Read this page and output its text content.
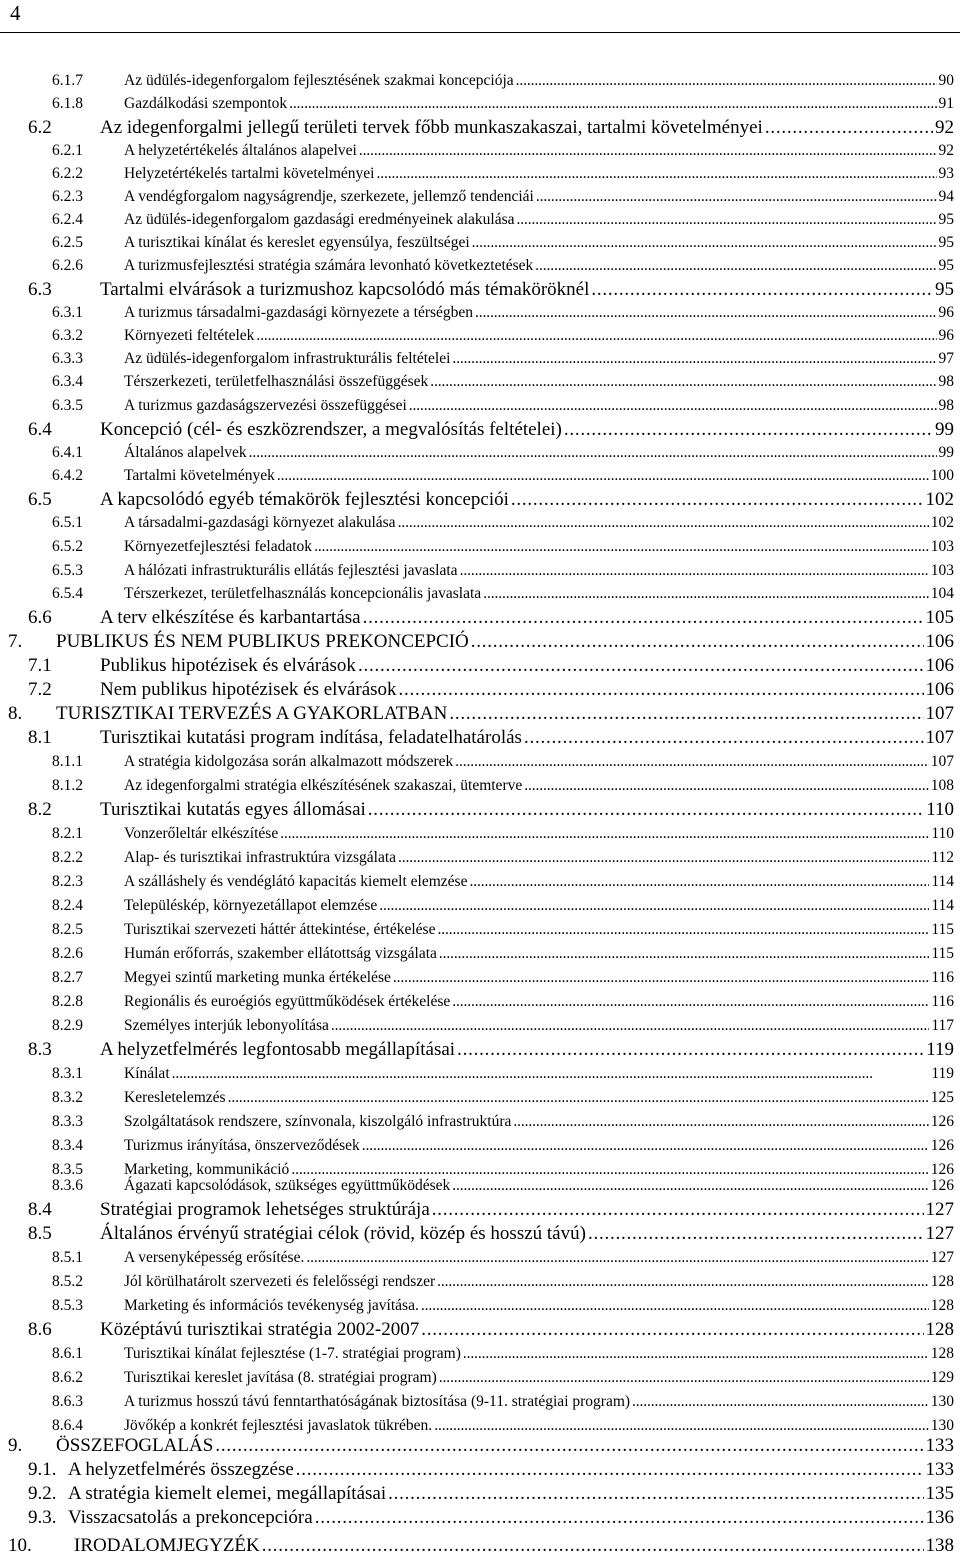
4
6.1.7	Az üdülés-idegenforgalom fejlesztésének szakmai koncepciója . . .	90
6.1.8	Gazdálkodási szempontok . . .	91
6.2	Az idegenforgalmi jellegű területi tervek főbb munkaszakaszai, tartalmi követelményei . . .	92
6.2.1	A helyzetértékelés általános alapelvei . . .	92
6.2.2	Helyzetértékelés tartalmi követelményei . . .	93
6.2.3	A vendégforgalom nagyságrendje, szerkezete, jellemző tendenciái . . .	94
6.2.4	Az üdülés-idegenforgalom gazdasági eredményeinek alakulása . . .	95
6.2.5	A turisztikai kínálat és kereslet egyensúlya, feszültségei . . .	95
6.2.6	A turizmusfejlesztési stratégia számára levonható következtetések . . .	95
6.3	Tartalmi elvárások a turizmushoz kapcsolódó más témaköröknél . . .	95
6.3.1	A turizmus társadalmi-gazdasági környezete a térségben . . .	96
6.3.2	Környezeti feltételek . . .	96
6.3.3	Az üdülés-idegenforgalom infrastrukturális feltételei . . .	97
6.3.4	Térszerkezeti, területfelhasználási összefüggések . . .	98
6.3.5	A turizmus gazdaságszervezési összefüggései . . .	98
6.4	Koncepció (cél- és eszközrendszer, a megvalósítás feltételei) . . .	99
6.4.1	Általános alapelvek . . .	99
6.4.2	Tartalmi követelmények . . .	100
6.5	A kapcsolódó egyéb témakörök fejlesztési koncepciói . . .	102
6.5.1	A társadalmi-gazdasági környezet alakulása . . .	102
6.5.2	Környezetfejlesztési feladatok . . .	103
6.5.3	A hálózati infrastrukturális ellátás fejlesztési javaslata . . .	103
6.5.4	Térszerkezet, területfelhasználás koncepcionális javaslata . . .	104
6.6	A terv elkészítése és karbantartása . . .	105
7.	PUBLIKUS ÉS NEM PUBLIKUS PREKONCEPCIÓ . . .	106
7.1	Publikus hipotézisek és elvárások . . .	106
7.2	Nem publikus hipotézisek és elvárások . . .	106
8.	TURISZTIKAI TERVEZÉS A GYAKORLATBAN . . .	107
8.1	Turisztikai kutatási program indítása, feladatelhatárolás . . .	107
8.1.1	A stratégia kidolgozása során alkalmazott módszerek . . .	107
8.1.2	Az idegenforgalmi stratégia elkészítésének szakaszai, ütemterve . . .	108
8.2	Turisztikai kutatás egyes állomásai . . .	110
8.2.1	Vonzerőleltár elkészítése . . .	110
8.2.2	Alap- és turisztikai infrastruktúra vizsgálata . . .	112
8.2.3	A szálláshely és vendéglátó kapacitás kiemelt elemzése . . .	114
8.2.4	Településkép, környezetállapot elemzése . . .	114
8.2.5	Turisztikai szervezeti háttér áttekintése, értékelése . . .	115
8.2.6	Humán erőforrás, szakember ellátottság vizsgálata . . .	115
8.2.7	Megyei szintű marketing munka értékelése . . .	116
8.2.8	Regionális és euroégiós együttműködések értékelése . . .	116
8.2.9	Személyes interjúk lebonyolítása . . .	117
8.3	A helyzetfelmérés legfontosabb megállapításai . . .	119
8.3.1	Kínálat . . .	119
8.3.2	Keresletelemzés . . .	125
8.3.3	Szolgáltatások rendszere, színvonala, kiszolgáló infrastruktúra . . .	126
8.3.4	Turizmus irányítása, önszerveződések . . .	126
8.3.5	Marketing, kommunikáció . . .	126
8.3.6	Ágazati kapcsolódások, szükséges együttműködések . . .	126
8.4	Stratégiai programok lehetséges struktúrája . . .	127
8.5	Általános érvényű stratégiai célok (rövid, közép és hosszú távú) . . .	127
8.5.1	A versenyképesség erősítése. . . .	127
8.5.2	Jól körülhatárolt szervezeti és felelősségi rendszer . . .	128
8.5.3	Marketing és információs tevékenység javítása. . . .	128
8.6	Középtávú turisztikai stratégia 2002-2007 . . .	128
8.6.1	Turisztikai kínálat fejlesztése (1-7. stratégiai program) . . .	128
8.6.2	Turisztikai kereslet javítása (8. stratégiai program) . . .	129
8.6.3	A turizmus hosszú távú fenntarthatóságának biztosítása (9-11. stratégiai program) . . .	130
8.6.4	Jövőkép a konkrét fejlesztési javaslatok tükrében. . . .	130
9.	ÖSSZEFOGLALÁS . . .	133
9.1. A helyzetfelmérés összegzése . . .	133
9.2. A stratégia kiemelt elemei, megállapításai . . .	135
9.3. Visszacsatolás a prekoncepcióra . . .	136
10.	IRODALOMJEGYZÉK . . .	138
